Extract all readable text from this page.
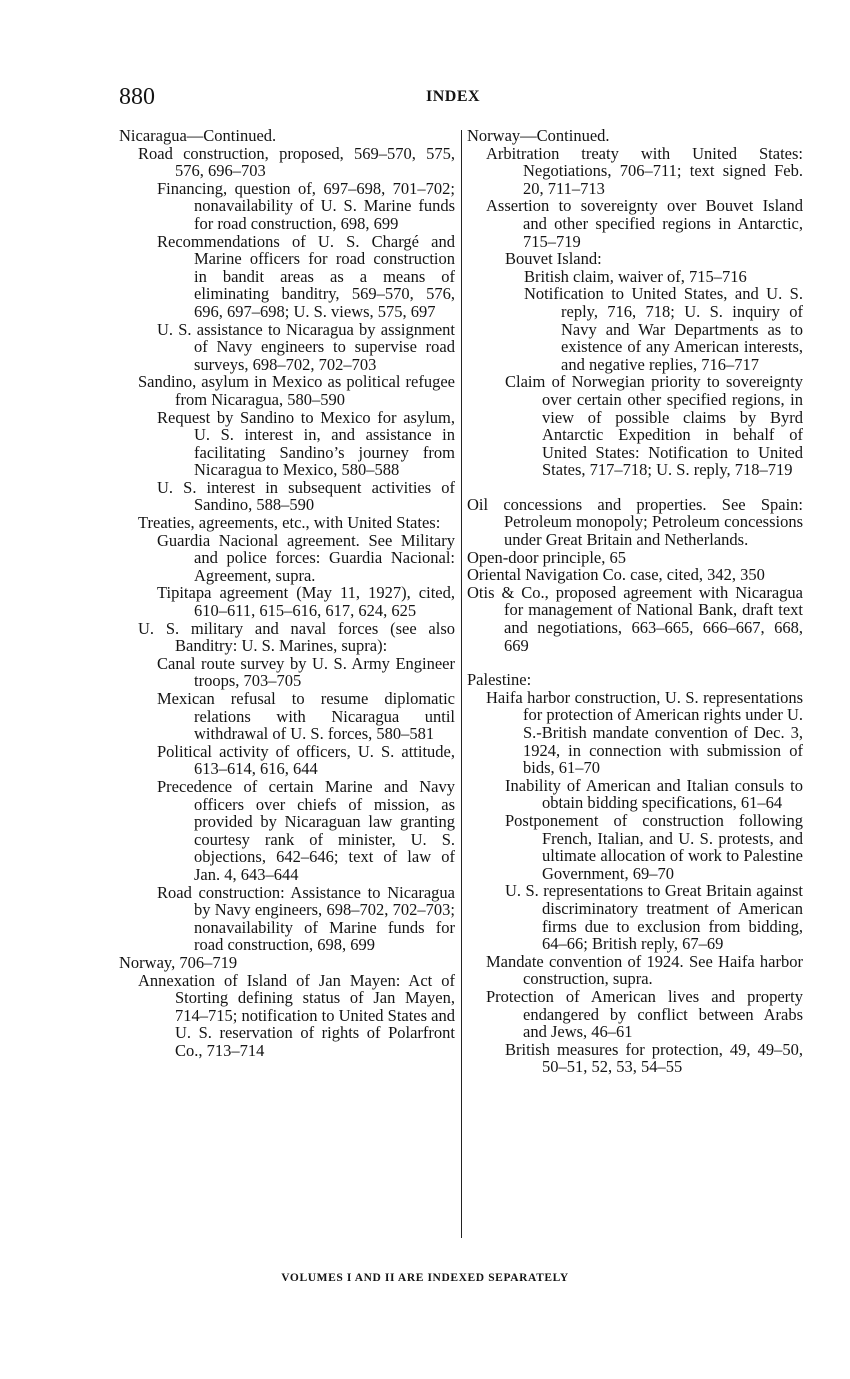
880	INDEX
Nicaragua—Continued.
Road construction, proposed, 569–570, 575, 576, 696–703
Financing, question of, 697–698, 701–702; nonavailability of U. S. Marine funds for road construction, 698, 699
Recommendations of U. S. Chargé and Marine officers for road construction in bandit areas as a means of eliminating banditry, 569–570, 576, 696, 697–698; U. S. views, 575, 697
U. S. assistance to Nicaragua by assignment of Navy engineers to supervise road surveys, 698–702, 702–703
Sandino, asylum in Mexico as political refugee from Nicaragua, 580–590
Request by Sandino to Mexico for asylum, U. S. interest in, and assistance in facilitating Sandino’s journey from Nicaragua to Mexico, 580–588
U. S. interest in subsequent activities of Sandino, 588–590
Treaties, agreements, etc., with United States:
Guardia Nacional agreement. See Military and police forces: Guardia Nacional: Agreement, supra.
Tipitapa agreement (May 11, 1927), cited, 610–611, 615–616, 617, 624, 625
U. S. military and naval forces (see also Banditry: U. S. Marines, supra):
Canal route survey by U. S. Army Engineer troops, 703–705
Mexican refusal to resume diplomatic relations with Nicaragua until withdrawal of U. S. forces, 580–581
Political activity of officers, U. S. attitude, 613–614, 616, 644
Precedence of certain Marine and Navy officers over chiefs of mission, as provided by Nicaraguan law granting courtesy rank of minister, U. S. objections, 642–646; text of law of Jan. 4, 643–644
Road construction: Assistance to Nicaragua by Navy engineers, 698–702, 702–703; nonavailability of Marine funds for road construction, 698, 699
Norway, 706–719
Annexation of Island of Jan Mayen: Act of Storting defining status of Jan Mayen, 714–715; notification to United States and U. S. reservation of rights of Polarfront Co., 713–714
Norway—Continued.
Arbitration treaty with United States: Negotiations, 706–711; text signed Feb. 20, 711–713
Assertion to sovereignty over Bouvet Island and other specified regions in Antarctic, 715–719
Bouvet Island:
British claim, waiver of, 715–716
Notification to United States, and U. S. reply, 716, 718; U. S. inquiry of Navy and War Departments as to existence of any American interests, and negative replies, 716–717
Claim of Norwegian priority to sovereignty over certain other specified regions, in view of possible claims by Byrd Antarctic Expedition in behalf of United States: Notification to United States, 717–718; U. S. reply, 718–719
Oil concessions and properties. See Spain: Petroleum monopoly; Petroleum concessions under Great Britain and Netherlands.
Open-door principle, 65
Oriental Navigation Co. case, cited, 342, 350
Otis & Co., proposed agreement with Nicaragua for management of National Bank, draft text and negotiations, 663–665, 666–667, 668, 669
Palestine:
Haifa harbor construction, U. S. representations for protection of American rights under U. S.-British mandate convention of Dec. 3, 1924, in connection with submission of bids, 61–70
Inability of American and Italian consuls to obtain bidding specifications, 61–64
Postponement of construction following French, Italian, and U. S. protests, and ultimate allocation of work to Palestine Government, 69–70
U. S. representations to Great Britain against discriminatory treatment of American firms due to exclusion from bidding, 64–66; British reply, 67–69
Mandate convention of 1924. See Haifa harbor construction, supra.
Protection of American lives and property endangered by conflict between Arabs and Jews, 46–61
British measures for protection, 49, 49–50, 50–51, 52, 53, 54–55
VOLUMES I AND II ARE INDEXED SEPARATELY
